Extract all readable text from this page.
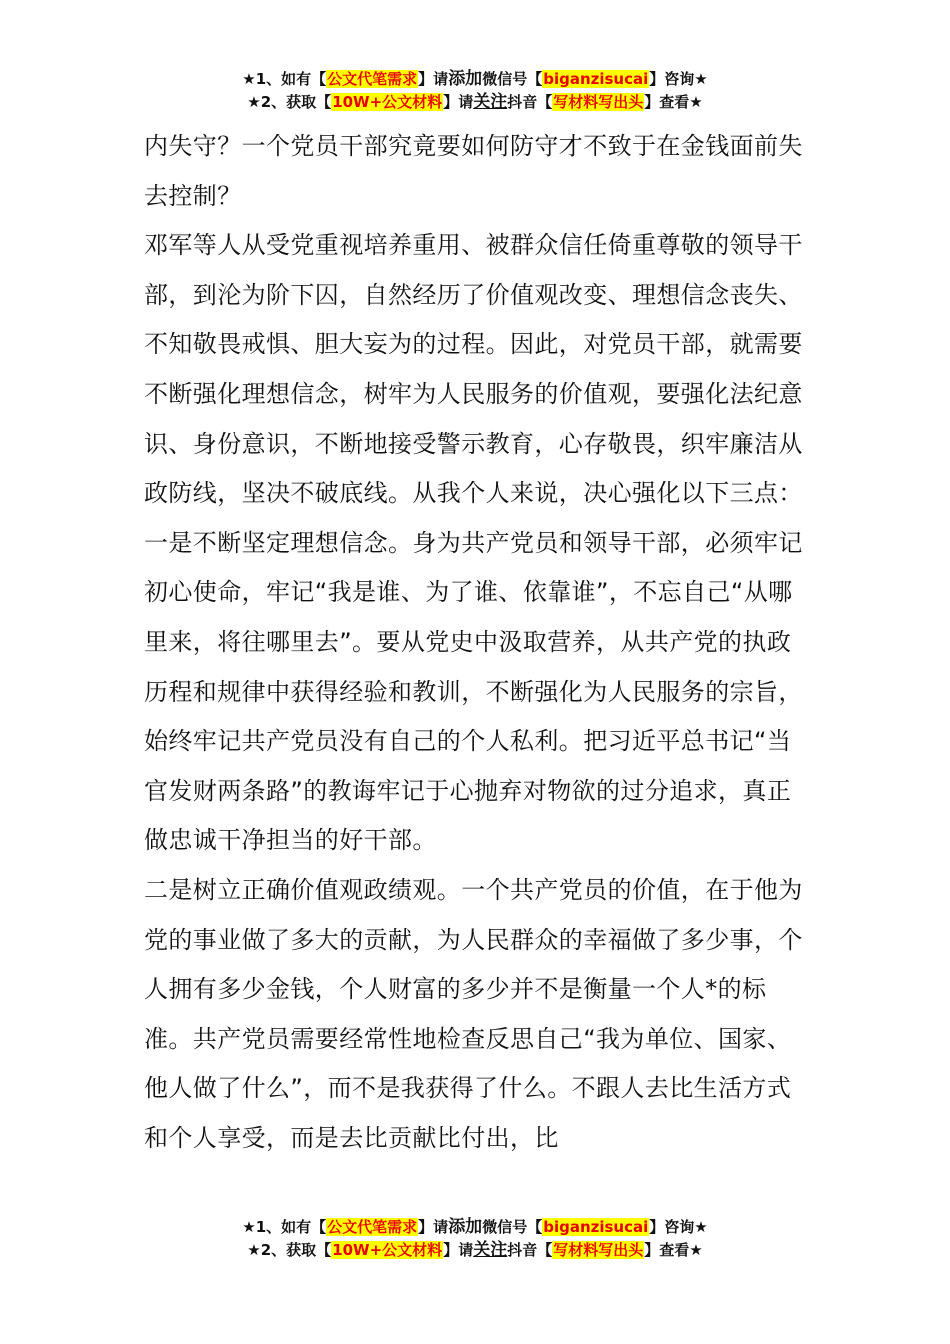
★1、如有【公文代笔需求】请添加微信号【biganzisucai】咨询★
★2、获取【10W+公文材料】请关注抖音【写材料写出头】查看★

内失守？一个党员干部究竟要如何防守才不致于在金钱面前失去控制？

邓军等人从受党重视培养重用、被群众信任倚重尊敬的领导干部，到沦为阶下囚，自然经历了价值观改变、理想信念丧失、不知敬畏戒惧、胆大妄为的过程。因此，对党员干部，就需要不断强化理想信念，树牢为人民服务的价值观，要强化法纪意识、身份意识，不断地接受警示教育，心存敬畏，织牢廉洁从政防线，坚决不破底线。从我个人来说，决心强化以下三点：

一是不断坚定理想信念。身为共产党员和领导干部，必须牢记初心使命，牢记“我是谁、为了谁、依靠谁”，不忘自己“从哪里来，将往哪里去”。要从党史中汲取营养，从共产党的执政历程和规律中获得经验和教训，不断强化为人民服务的宗旨，始终牢记共产党员没有自己的个人私利。把习近平总书记“当官发财两条路”的教诲牢记于心抛弃对物欲的过分追求，真正做忠诚干净担当的好干部。

二是树立正确价值观政绩观。一个共产党员的价值，在于他为党的事业做了多大的贡献，为人民群众的幸福做了多少事，个人拥有多少金钱，个人财富的多少并不是衡量一个人*的标准。共产党员需要经常性地检查反思自己“我为单位、国家、他人做了什么”，而不是我获得了什么。不跟人去比生活方式和个人享受，而是去比贡献比付出，比

★1、如有【公文代笔需求】请添加微信号【biganzisucai】咨询★
★2、获取【10W+公文材料】请关注抖音【写材料写出头】查看★
